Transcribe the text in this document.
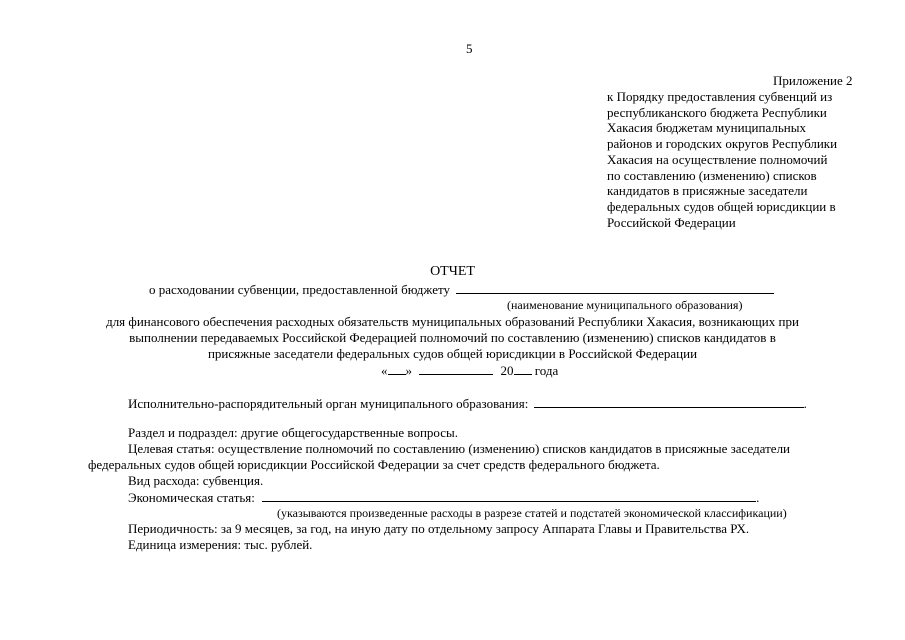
5
Приложение 2
к Порядку предоставления субвенций из
республиканского бюджета Республики
Хакасия бюджетам муниципальных
районов и городских округов Республики
Хакасия на осуществление полномочий
по составлению (изменению) списков
кандидатов в присяжные заседатели
федеральных судов общей юрисдикции в
Российской Федерации
ОТЧЕТ
о расходовании субвенции, предоставленной бюджету
(наименование муниципального образования)
для финансового обеспечения расходных обязательств муниципальных образований Республики Хакасия, возникающих при
выполнении передаваемых Российской Федерацией полномочий по составлению (изменению) списков кандидатов в
присяжные заседатели федеральных судов общей юрисдикции в Российской Федерации
« »	20 года
Исполнительно-распорядительный орган муниципального образования:	.
Раздел и подраздел: другие общегосударственные вопросы.
Целевая статья: осуществление полномочий по составлению (изменению) списков кандидатов в присяжные заседатели
федеральных судов общей юрисдикции Российской Федерации за счет средств федерального бюджета.
Вид расхода: субвенция.
Экономическая статья:	.
(указываются произведенные расходы в разрезе статей и подстатей экономической классификации)
Периодичность: за 9 месяцев, за год, на иную дату по отдельному запросу Аппарата Главы и Правительства РХ.
Единица измерения: тыс. рублей.
